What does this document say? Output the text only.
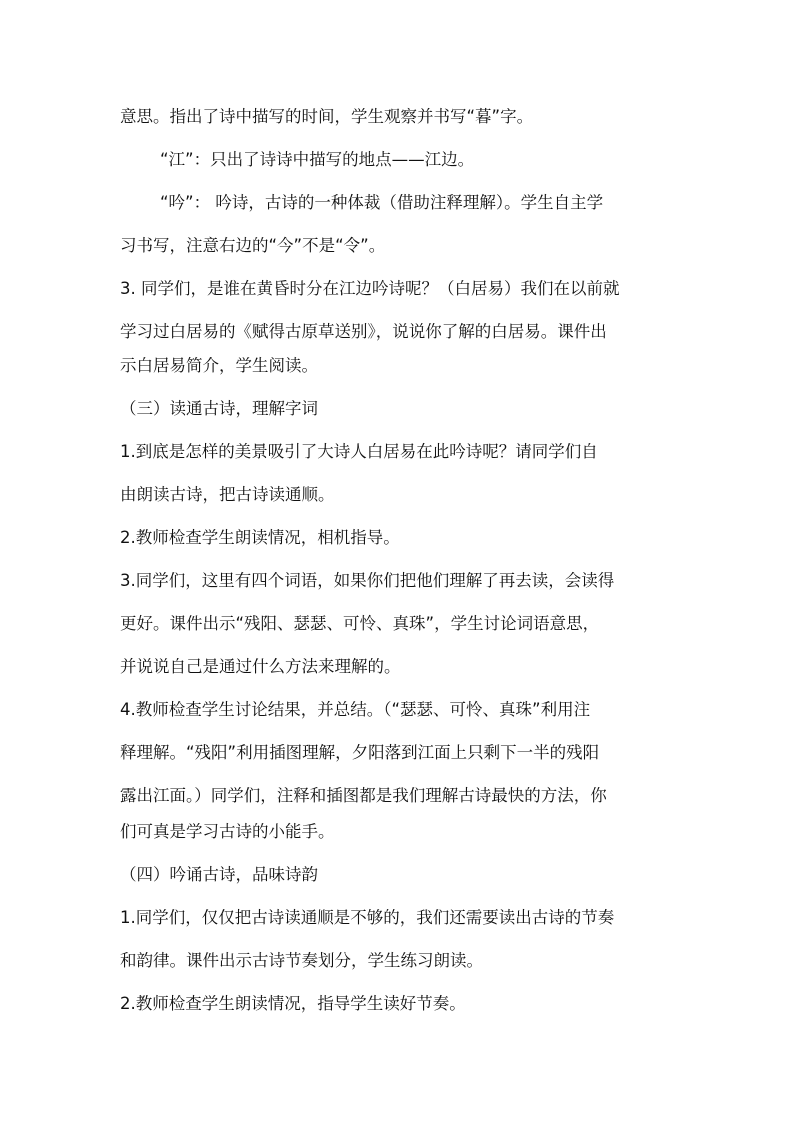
意思。指出了诗中描写的时间，学生观察并书写“暮”字。
“江”：只出了诗诗中描写的地点——江边。
“吟”： 吟诗，古诗的一种体裁（借助注释理解）。学生自主学
习书写，注意右边的“今”不是“令”。
3. 同学们，是谁在黄昏时分在江边吟诗呢？（白居易）我们在以前就
学习过白居易的《赋得古原草送别》，说说你了解的白居易。课件出
示白居易简介，学生阅读。
（三）读通古诗，理解字词
1.到底是怎样的美景吸引了大诗人白居易在此吟诗呢？请同学们自
由朗读古诗，把古诗读通顺。
2.教师检查学生朗读情况，相机指导。
3.同学们，这里有四个词语，如果你们把他们理解了再去读，会读得
更好。课件出示“残阳、瑟瑟、可怜、真珠”，学生讨论词语意思，
并说说自己是通过什么方法来理解的。
4.教师检查学生讨论结果，并总结。（“瑟瑟、可怜、真珠”利用注
释理解。“残阳”利用插图理解，夕阳落到江面上只剩下一半的残阳
露出江面。）同学们，注释和插图都是我们理解古诗最快的方法，你
们可真是学习古诗的小能手。
（四）吟诵古诗，品味诗韵
1.同学们，仅仅把古诗读通顺是不够的，我们还需要读出古诗的节奏
和韵律。课件出示古诗节奏划分，学生练习朗读。
2.教师检查学生朗读情况，指导学生读好节奏。
